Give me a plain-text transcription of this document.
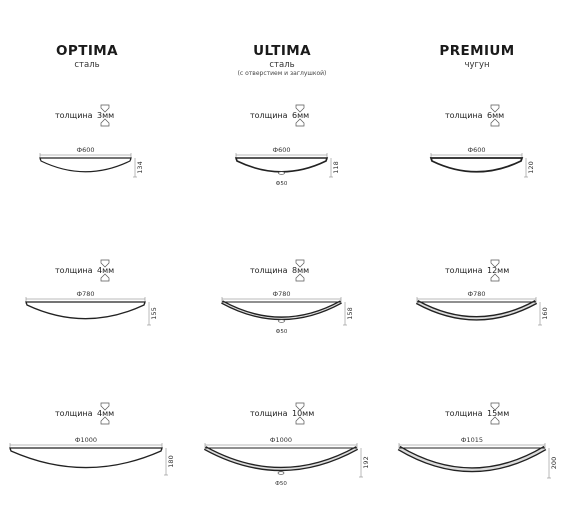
OPTIMA
сталь
ULTIMA
сталь
(с отверстием и заглушкой)
PREMIUM
чугун
толщина 3мм
Ф600
134
толщина 6мм
Ф600
118
Ф50
толщина 6мм
Ф600
120
толщина 4мм
Ф780
155
толщина 8мм
Ф780
158
Ф50
толщина 12мм
Ф780
160
толщина 4мм
Ф1000
180
толщина 10мм
Ф1000
192
Ф50
толщина 15мм
Ф1015
200
